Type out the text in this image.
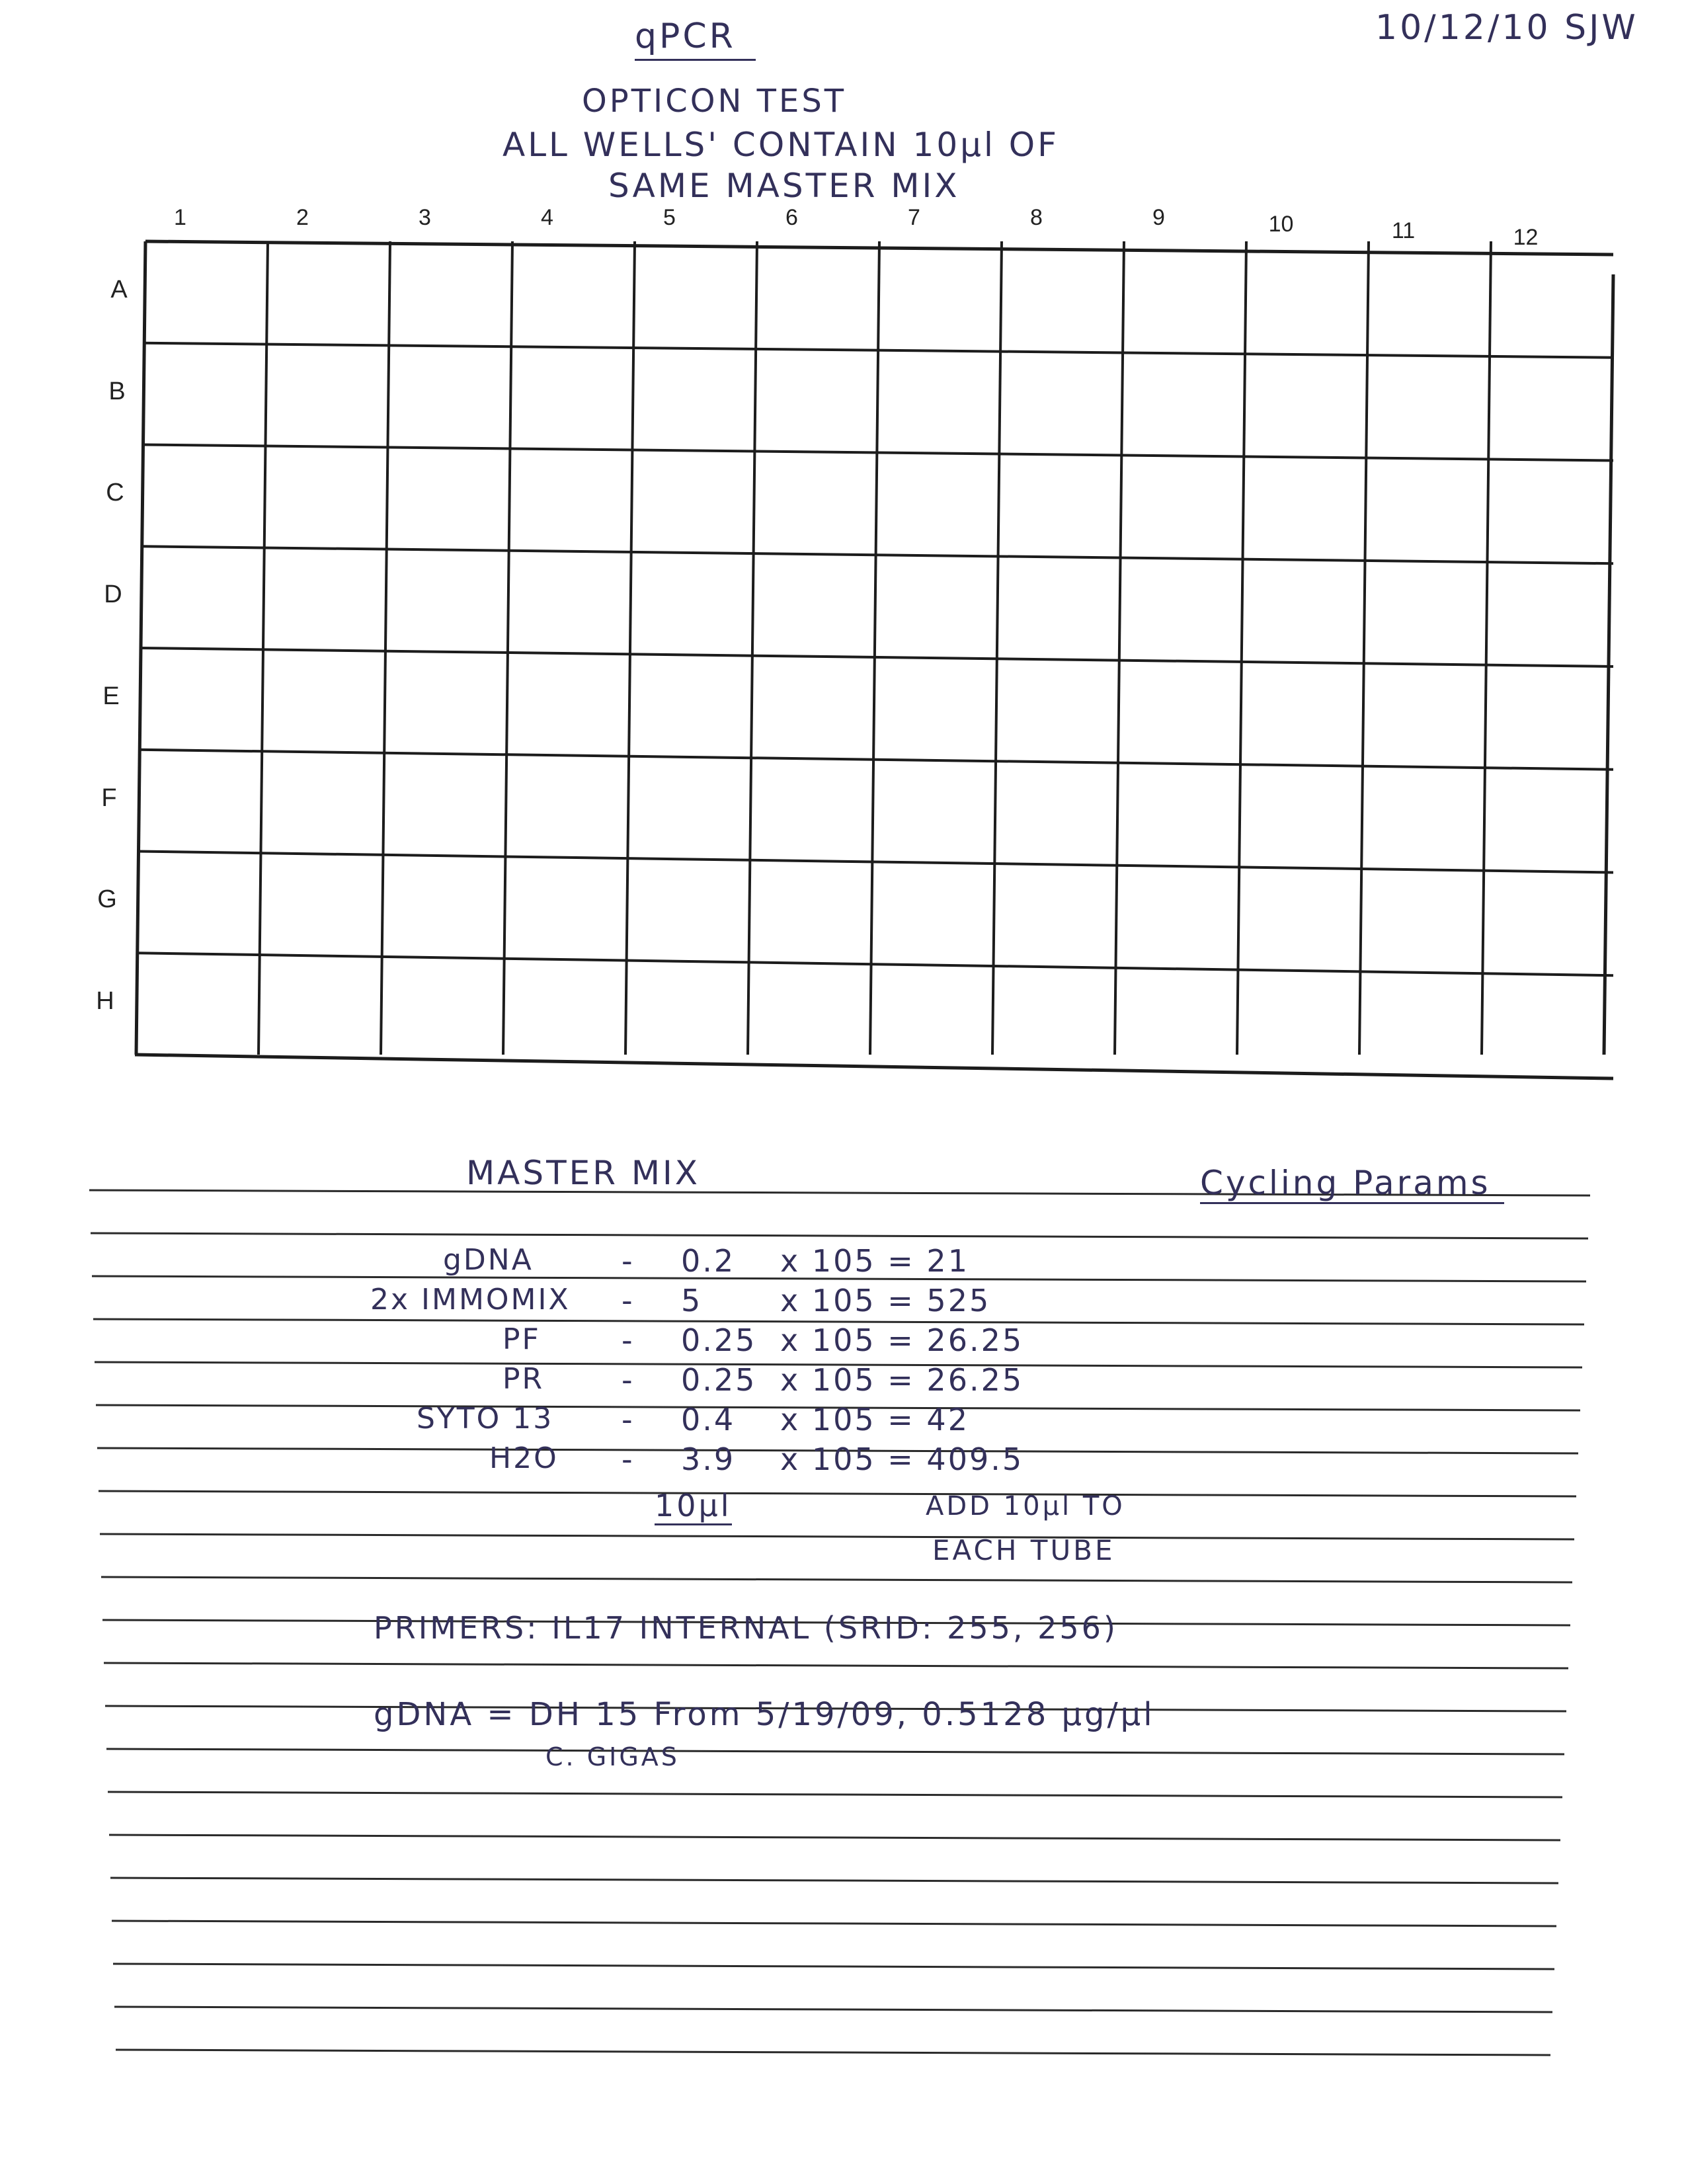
qPCR	10/12/10 SJW
OPTICON TEST
ALL WELLS' CONTAIN 10µl OF
SAME MASTER MIX
1	2	3	4	5	6	7	8	9	10	11	12
A
B
C
D
E
F
G
H
MASTER MIX	Cycling Params
gDNA	- 0.2 x 105 = 21
2x IMMOMIX - 5	x 105 = 525
PF	- 0.25 x 105 = 26.25
PR	- 0.25 x 105 = 26.25
SYTO 13 - 0.4 x 105 = 42
H2O - 3.9 x 105 = 409.5
10µl	ADD 10µl TO
EACH TUBE
PRIMERS: IL17 INTERNAL (SRID: 255, 256)
gDNA = DH 15 From 5/19/09, 0.5128 µg/µl
C. GIGAS
